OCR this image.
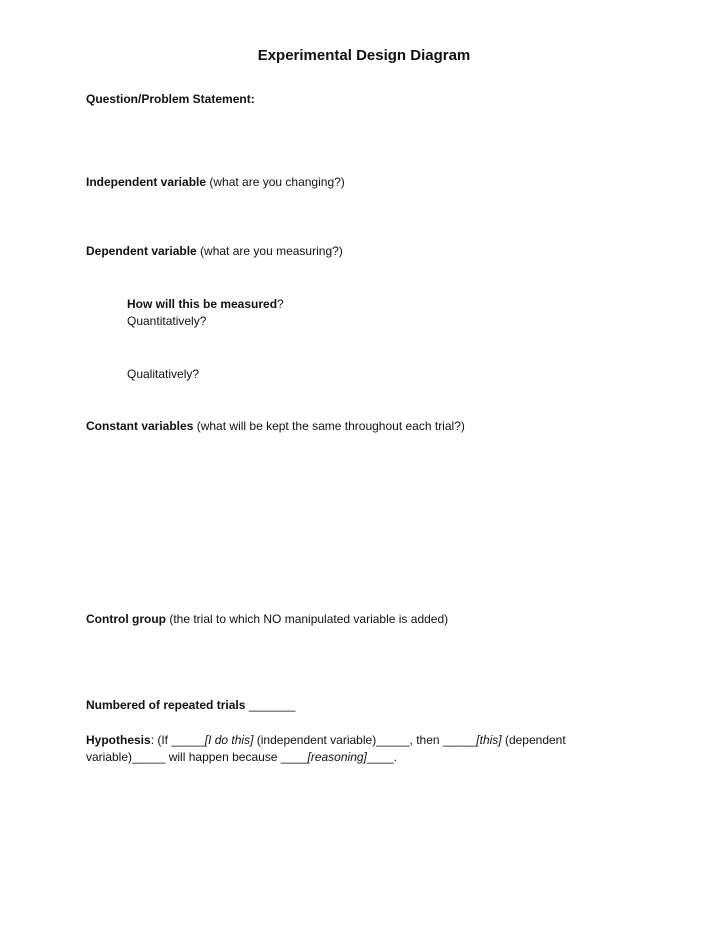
Experimental Design Diagram
Question/Problem Statement:
Independent variable (what are you changing?)
Dependent variable (what are you measuring?)
How will this be measured?
Quantitatively?
Qualitatively?
Constant variables (what will be kept the same throughout each trial?)
Control group (the trial to which NO manipulated variable is added)
Numbered of repeated trials _______
Hypothesis: (If _____[I do this] (independent variable)_____, then _____[this] (dependent
variable)_____ will happen because ____[reasoning]____.
